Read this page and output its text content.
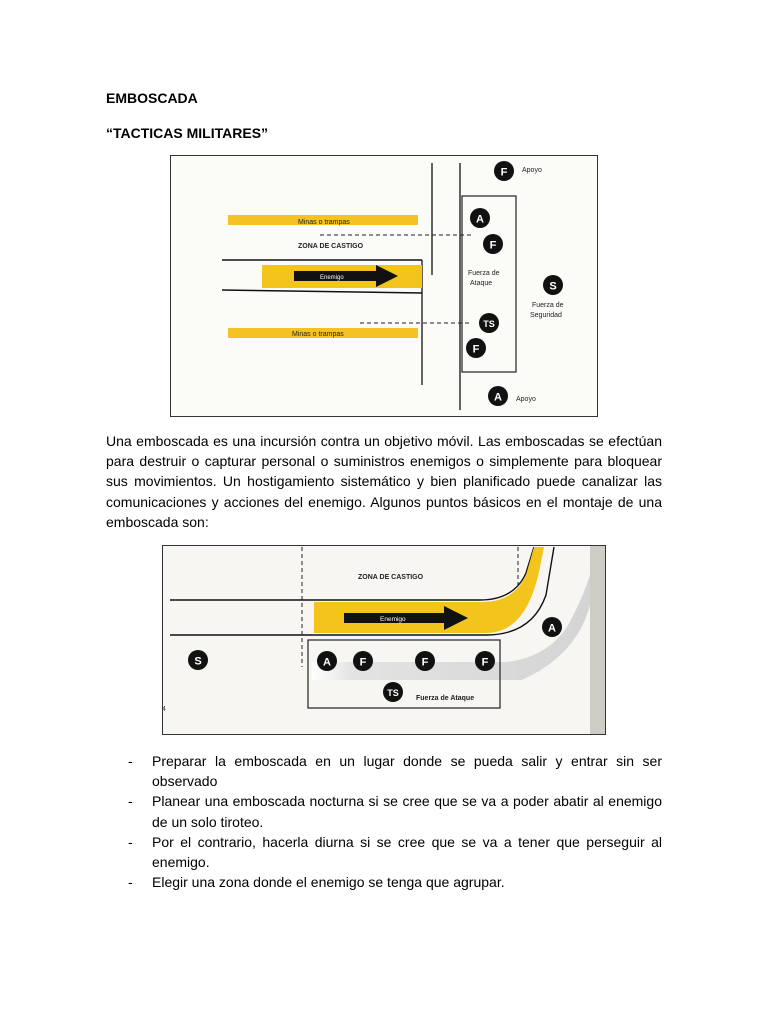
EMBOSCADA

“TACTICAS MILITARES”

Minas o trampas
ZONA DE CASTIGO
Enemigo
Minas o trampas
Apoyo
Apoyo
Fuerza de
Ataque
Fuerza de
Seguridad
F
A
F
S
TS
F
A

Una emboscada es una incursión contra un objetivo móvil. Las emboscadas se efectúan para destruir o capturar personal o suministros enemigos o simplemente para bloquear sus movimientos. Un hostigamiento sistemático y bien planificado puede canalizar las comunicaciones y acciones del enemigo. Algunos puntos básicos en el montaje de una emboscada son:

ZONA DE CASTIGO
Enemigo
Fuerza de Ataque
4
S	A	F	F	F
A
TS
- Preparar la emboscada en un lugar donde se pueda salir y entrar sin ser observado
- Planear una emboscada nocturna si se cree que se va a poder abatir al enemigo de un solo tiroteo.
- Por el contrario, hacerla diurna si se cree que se va a tener que perseguir al enemigo.
- Elegir una zona donde el enemigo se tenga que agrupar.
